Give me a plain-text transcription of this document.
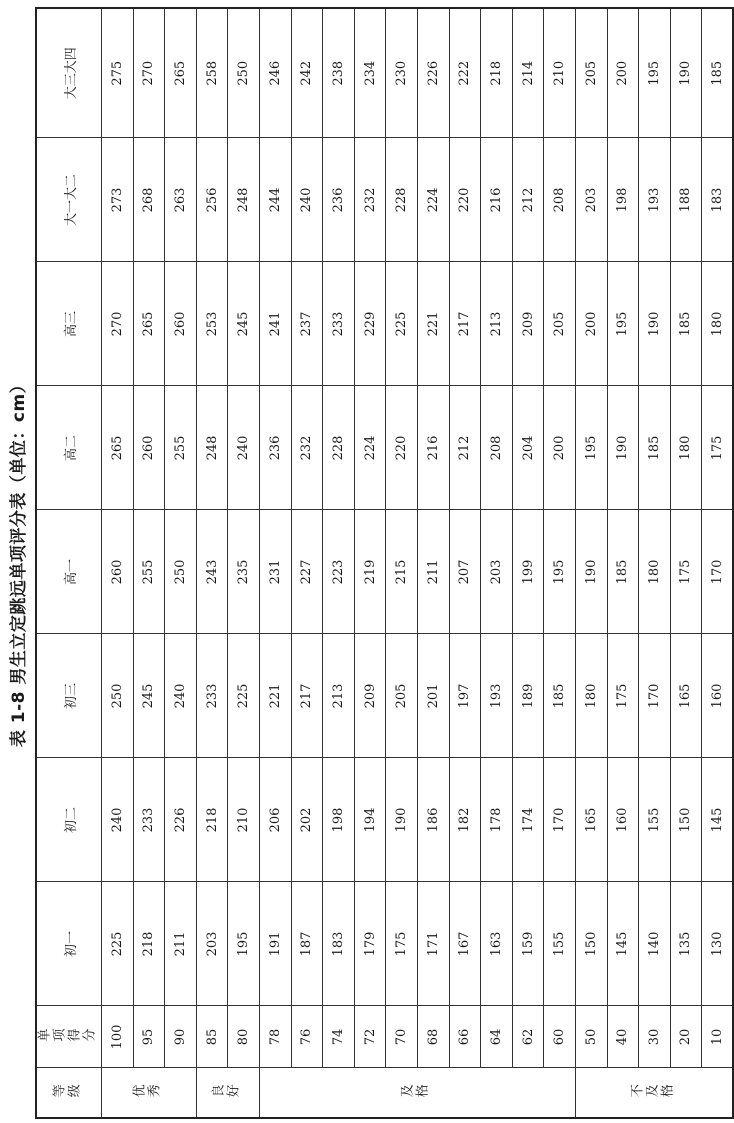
表 1-8 男生立定跳远单项评分表（单位：cm）
等级	单项得分	初一	初二	初三	高一	高二	高三	大一大二	大三大四
优秀	100	225	240	250	260	265	270	273	275
	95	218	233	245	255	260	265	268	270
	90	211	226	240	250	255	260	263	265
良好	85	203	218	233	243	248	253	256	258
	80	195	210	225	235	240	245	248	250
及格	78	191	206	221	231	236	241	244	246
	76	187	202	217	227	232	237	240	242
	74	183	198	213	223	228	233	236	238
	72	179	194	209	219	224	229	232	234
	70	175	190	205	215	220	225	228	230
	68	171	186	201	211	216	221	224	226
	66	167	182	197	207	212	217	220	222
	64	163	178	193	203	208	213	216	218
	62	159	174	189	199	204	209	212	214
	60	155	170	185	195	200	205	208	210
不及格	50	150	165	180	190	195	200	203	205
	40	145	160	175	185	190	195	198	200
	30	140	155	170	180	185	190	193	195
	20	135	150	165	175	180	185	188	190
	10	130	145	160	170	175	180	183	185
